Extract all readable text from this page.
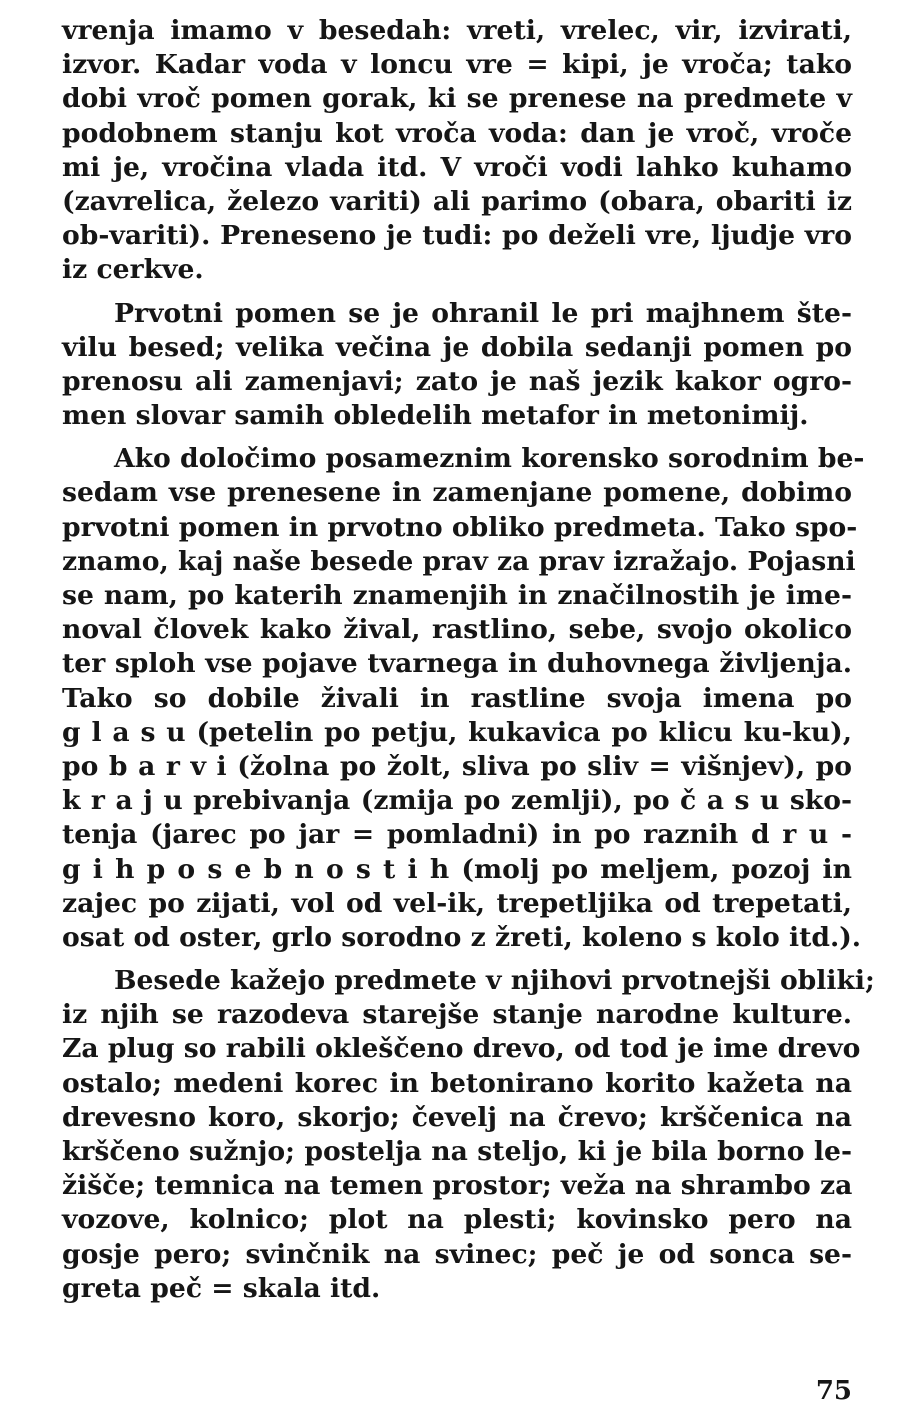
vrenja imamo v besedah: vreti, vrelec, vir, izvirati,
izvor. Kadar voda v loncu vre = kipi, je vroča; tako
dobi vroč pomen gorak, ki se prenese na predmete v
podobnem stanju kot vroča voda: dan je vroč, vroče
mi je, vročina vlada itd. V vroči vodi lahko kuhamo
(zavrelica, železo variti) ali parimo (obara, obariti iz
ob-variti). Preneseno je tudi: po deželi vre, ljudje vro
iz cerkve.
Prvotni pomen se je ohranil le pri majhnem šte-
vilu besed; velika večina je dobila sedanji pomen po
prenosu ali zamenjavi; zato je naš jezik kakor ogro-
men slovar samih obledelih metafor in metonimij.
Ako določimo posameznim korensko sorodnim be-
sedam vse prenesene in zamenjane pomene, dobimo
prvotni pomen in prvotno obliko predmeta. Tako spo-
znamo, kaj naše besede prav za prav izražajo. Pojasni
se nam, po katerih znamenjih in značilnostih je ime-
noval človek kako žival, rastlino, sebe, svojo okolico
ter sploh vse pojave tvarnega in duhovnega življenja.
Tako so dobile živali in rastline svoja imena po
g l a s u (petelin po petju, kukavica po klicu ku-ku),
po b a r v i (žolna po žolt, sliva po sliv = višnjev), po
k r a j u prebivanja (zmija po zemlji), po č a s u sko-
tenja (jarec po jar = pomladni) in po raznih d r u -
g i h p o s e b n o s t i h (molj po meljem, pozoj in
zajec po zijati, vol od vel-ik, trepetljika od trepetati,
osat od oster, grlo sorodno z žreti, koleno s kolo itd.).
Besede kažejo predmete v njihovi prvotnejši obliki;
iz njih se razodeva starejše stanje narodne kulture.
Za plug so rabili okleščeno drevo, od tod je ime drevo
ostalo; medeni korec in betonirano korito kažeta na
drevesno koro, skorjo; čevelj na črevo; krščenica na
krščeno sužnjo; postelja na steljo, ki je bila borno le-
žišče; temnica na temen prostor; veža na shrambo za
vozove, kolnico; plot na plesti; kovinsko pero na
gosje pero; svinčnik na svinec; peč je od sonca se-
greta peč = skala itd.
75
